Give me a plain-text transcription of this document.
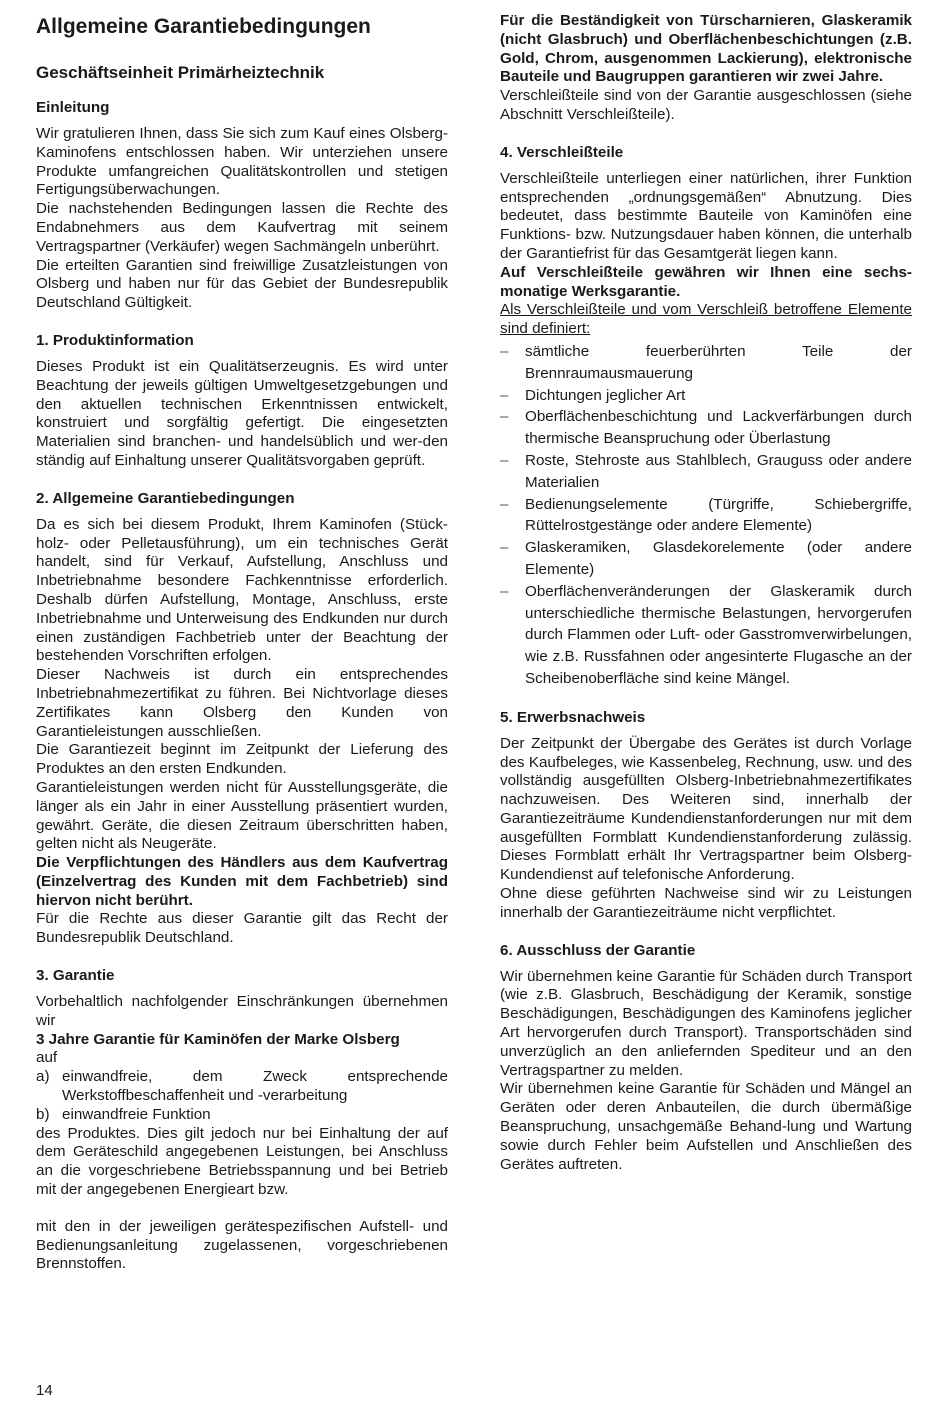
Allgemeine Garantiebedingungen

Geschäftseinheit Primärheiztechnik

Einleitung

Wir gratulieren Ihnen, dass Sie sich zum Kauf eines Olsberg- Kaminofens entschlossen haben. Wir unterziehen unsere Produkte umfangreichen Qualitätskontrollen und stetigen Fertigungsüberwachungen.

Die nachstehenden Bedingungen lassen die Rechte des Endabnehmers aus dem Kaufvertrag mit seinem Vertragspartner (Verkäufer) wegen Sachmängeln unberührt.

Die erteilten Garantien sind freiwillige Zusatzleistungen von Olsberg und haben nur für das Gebiet der Bundesrepublik Deutschland Gültigkeit.

1. Produktinformation

Dieses Produkt ist ein Qualitätserzeugnis. Es wird unter Beachtung der jeweils gültigen Umweltgesetzgebungen und den aktuellen technischen Erkenntnissen entwickelt, konstruiert und sorgfältig gefertigt. Die eingesetzten Materialien sind branchen- und handelsüblich und wer-den ständig auf Einhaltung unserer Qualitätsvorgaben geprüft.

2. Allgemeine Garantiebedingungen

Da es sich bei diesem Produkt, Ihrem Kaminofen (Stück-holz- oder Pelletausführung), um ein technisches Gerät handelt, sind für Verkauf, Aufstellung, Anschluss und Inbetriebnahme besondere Fachkenntnisse erforderlich. Deshalb dürfen Aufstellung, Montage, Anschluss, erste Inbetriebnahme und Unterweisung des Endkunden nur durch einen zuständigen Fachbetrieb unter der Beachtung der bestehenden Vorschriften erfolgen.

Dieser Nachweis ist durch ein entsprechendes Inbetriebnahmezertifikat zu führen. Bei Nichtvorlage dieses Zertifikates kann Olsberg den Kunden von Garantieleistungen ausschließen.

Die Garantiezeit beginnt im Zeitpunkt der Lieferung des Produktes an den ersten Endkunden.

Garantieleistungen werden nicht für Ausstellungsgeräte, die länger als ein Jahr in einer Ausstellung präsentiert wurden, gewährt. Geräte, die diesen Zeitraum überschritten haben, gelten nicht als Neugeräte.

Die Verpflichtungen des Händlers aus dem Kaufvertrag (Einzelvertrag des Kunden mit dem Fachbetrieb) sind hiervon nicht berührt.

Für die Rechte aus dieser Garantie gilt das Recht der Bundesrepublik Deutschland.

3. Garantie

Vorbehaltlich nachfolgender Einschränkungen übernehmen wir

3 Jahre Garantie für Kaminöfen der Marke Olsberg

auf

a) einwandfreie, dem Zweck entsprechende Werkstoffbeschaffenheit und -verarbeitung
b) einwandfreie Funktion

des Produktes. Dies gilt jedoch nur bei Einhaltung der auf dem Geräteschild angegebenen Leistungen, bei Anschluss an die vorgeschriebene Betriebsspannung und bei Betrieb mit der angegebenen Energieart bzw.

mit den in der jeweiligen gerätespezifischen Aufstell- und Bedienungsanleitung zugelassenen, vorgeschriebenen Brennstoffen.

Für die Beständigkeit von Türscharnieren, Glaskeramik (nicht Glasbruch) und Oberflächenbeschichtungen (z.B. Gold, Chrom, ausgenommen Lackierung), elektronische Bauteile und Baugruppen garantieren wir zwei Jahre.

Verschleißteile sind von der Garantie ausgeschlossen (siehe Abschnitt Verschleißteile).

4. Verschleißteile

Verschleißteile unterliegen einer natürlichen, ihrer Funktion entsprechenden „ordnungsgemäßen“ Abnutzung. Dies bedeutet, dass bestimmte Bauteile von Kaminöfen eine Funktions- bzw. Nutzungsdauer haben können, die unterhalb der Garantiefrist für das Gesamtgerät liegen kann.

Auf Verschleißteile gewähren wir Ihnen eine sechs-monatige Werksgarantie.

Als Verschleißteile und vom Verschleiß betroffene Elemente sind definiert:

– sämtliche feuerberührten Teile der Brennraumausmauerung
– Dichtungen jeglicher Art
– Oberflächenbeschichtung und Lackverfärbungen durch thermische Beanspruchung oder Überlastung
– Roste, Stehroste aus Stahlblech, Grauguss oder andere Materialien
– Bedienungselemente (Türgriffe, Schiebergriffe, Rüttelrostgestänge oder andere Elemente)
– Glaskeramiken, Glasdekorelemente (oder andere Elemente)
– Oberflächenveränderungen der Glaskeramik durch unterschiedliche thermische Belastungen, hervorgerufen durch Flammen oder Luft- oder Gasstromverwirbelungen, wie z.B. Russfahnen oder angesinterte Flugasche an der Scheibenoberfläche sind keine Mängel.

5. Erwerbsnachweis

Der Zeitpunkt der Übergabe des Gerätes ist durch Vorlage des Kaufbeleges, wie Kassenbeleg, Rechnung, usw. und des vollständig ausgefüllten Olsberg-Inbetriebnahmezertifikates nachzuweisen. Des Weiteren sind, innerhalb der Garantiezeiträume Kundendienstanforderungen nur mit dem ausgefüllten Formblatt Kundendienstanforderung zulässig. Dieses Formblatt erhält Ihr Vertragspartner beim Olsberg-Kundendienst auf telefonische Anforderung.

Ohne diese geführten Nachweise sind wir zu Leistungen innerhalb der Garantiezeiträume nicht verpflichtet.

6. Ausschluss der Garantie

Wir übernehmen keine Garantie für Schäden durch Transport (wie z.B. Glasbruch, Beschädigung der Keramik, sonstige Beschädigungen, Beschädigungen des Kaminofens jeglicher Art hervorgerufen durch Transport). Transportschäden sind unverzüglich an den anliefernden Spediteur und an den Vertragspartner zu melden.

Wir übernehmen keine Garantie für Schäden und Mängel an Geräten oder deren Anbauteilen, die durch übermäßige Beanspruchung, unsachgemäße Behand-lung und Wartung sowie durch Fehler beim Aufstellen und Anschließen des Gerätes auftreten.

14
